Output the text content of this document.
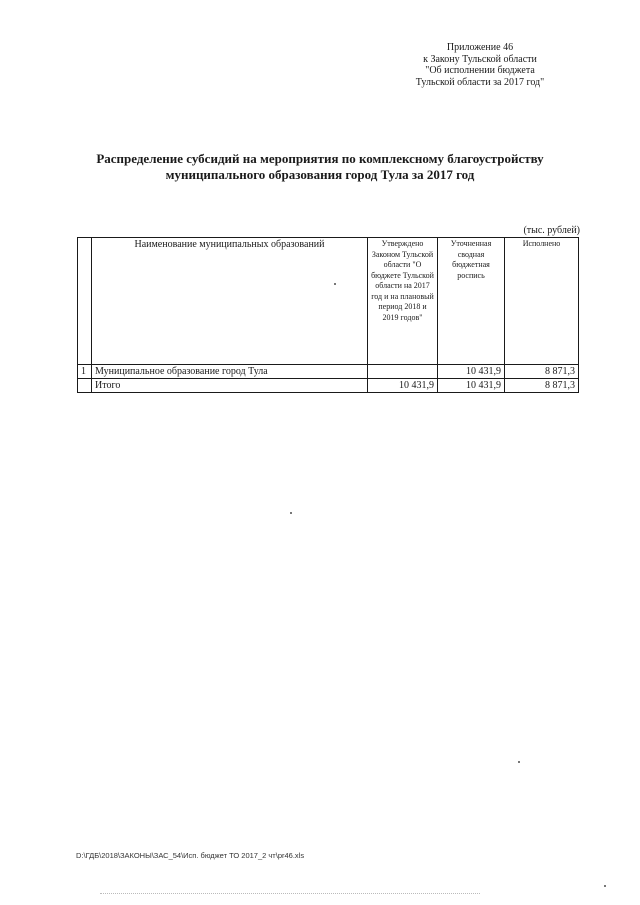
Приложение 46
к Закону Тульской области
"Об исполнении бюджета
Тульской области за 2017 год"
Распределение субсидий на мероприятия по комплексному благоустройству
муниципального образования город Тула за 2017 год
(тыс. рублей)
	Наименование муниципальных образований	Утверждено Законом Тульской области "О бюджете Тульской области на 2017 год и на плановый период 2018 и 2019 годов"	Уточненная сводная бюджетная роспись	Исполнено
1	Муниципальное образование город Тула		10 431,9	8 871,3
	Итого	10 431,9	10 431,9	8 871,3
D:\ГДБ\2018\ЗАКОНЫ\ЗАС_54\Исп. бюджет ТО 2017_2 чт\pr46.xls
